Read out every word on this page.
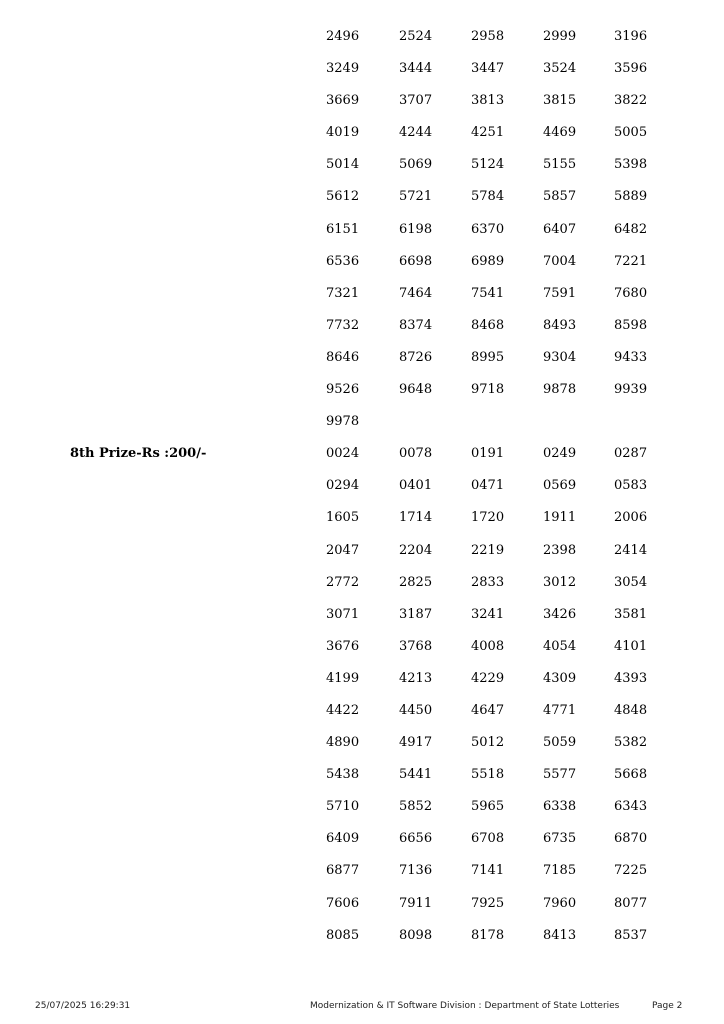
2496	2524	2958	2999	3196
3249	3444	3447	3524	3596
3669	3707	3813	3815	3822
4019	4244	4251	4469	5005
5014	5069	5124	5155	5398
5612	5721	5784	5857	5889
6151	6198	6370	6407	6482
6536	6698	6989	7004	7221
7321	7464	7541	7591	7680
7732	8374	8468	8493	8598
8646	8726	8995	9304	9433
9526	9648	9718	9878	9939
9978
8th Prize-Rs :200/-	0024	0078	0191	0249	0287
0294	0401	0471	0569	0583
1605	1714	1720	1911	2006
2047	2204	2219	2398	2414
2772	2825	2833	3012	3054
3071	3187	3241	3426	3581
3676	3768	4008	4054	4101
4199	4213	4229	4309	4393
4422	4450	4647	4771	4848
4890	4917	5012	5059	5382
5438	5441	5518	5577	5668
5710	5852	5965	6338	6343
6409	6656	6708	6735	6870
6877	7136	7141	7185	7225
7606	7911	7925	7960	8077
8085	8098	8178	8413	8537
25/07/2025 16:29:31	Modernization & IT Software Division : Department of State Lotteries	Page 2
